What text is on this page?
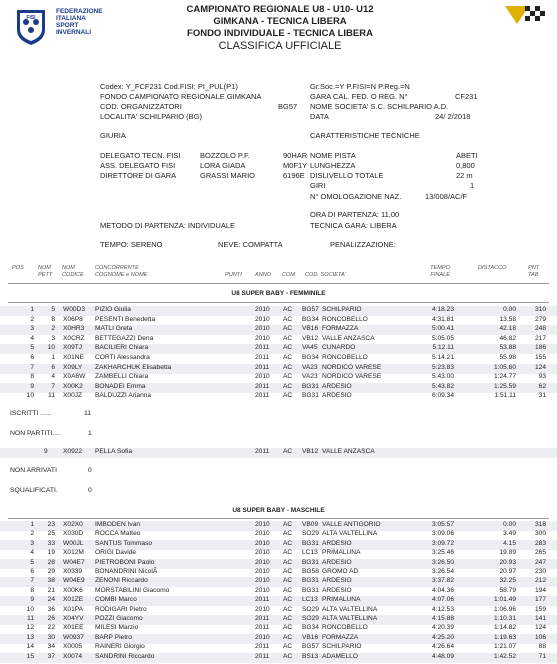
FISI
FEDERAZIONE
ITALIANA
SPORT
INVERNALI
CAMPIONATO REGIONALE U8 - U10- U12
GIMKANA - TECNICA LIBERA
FONDO INDIVIDUALE - TECNICA LIBERA
CLASSIFICA UFFICIALE
Codex: Y_FCF231 Cod.FISI: PI_PUL(P1)	Gr.Soc.=Y P.FISI=N P.Reg.=N
FONDO CAMPIONATO REGIONALE GIMKANA	GARA CAL. FED. O REG. N°	CF231
COD. ORGANIZZATORI	BG57 NOME SOCIETA' S.C. SCHILPARIO A.D.
LOCALITA' SCHILPARIO (BG)	DATA	24/ 2/2018
GIURIA	CARATTERISTICHE TECNICHE
DELEGATO TECN. FISI	BOZZOLO P.F.	90HAR NOME PISTA	ABETI
ASS. DELEGATO FISI	LORA GIADA	M0F1Y LUNGHEZZA	0,800
DIRETTORE DI GARA	GRASSI MARIO	6196E DISLIVELLO TOTALE	22 m
GIRI	1
N° OMOLOGAZIONE NAZ.	13/008/AC/F
ORA DI PARTENZA: 11,00
METODO DI PARTENZA: INDIVIDUALE	TECNICA GARA: LIBERA
TEMPO: SERENO	NEVE: COMPATTA	PENALIZZAZIONE:
POS	NUM
PETT
NUM
CODICE
CONCORRENTE
COGNOME e NOME	PUNTI ANNO COM COD. SOCIETA'
TEMPO
FINALE
DISTACCO	PNT
TAB
U8 SUPER BABY - FEMMINILE
1	5 W00D3	PIZIO Giulia	2010	AC	BG57 SCHILPARIO	4:18.23	0.00	310
2	8 X06P8	PESENTI Benedetta	2010	AC	BG34 RONCOBELLO	4:31.81	13.58	279
3	2 X0HR3	MATLI Greta	2010	AC	VB16 FORMAZZA	5:00.41	42.18	248
4	3 X0CRZ	BETTEGAZZI Dena	2010	AC	VB12 VALLE ANZASCA	5:05.05	46.82	217
5	10 X09TJ	BACILIERI Chiara	2011	AC	VA45 CUNARDO	5:12.11	53.88	186
6	1 X01NE	CORTI Alessandra	2011	AC	BG34 RONCOBELLO	5:14.21	55.98	155
7	6 X09LY	ZAKHARCHUK Elisabetta	2011	AC	VA23 NORDICO VARESE	5:23.83	1:05.60	124
8	4 X0A6W	ZAMBELLI Chiara	2010	AC	VA23 NORDICO VARESE	5:43.00	1:24.77	93
9	7 X00K2	BONADEI Emma	2011	AC	BG31 ARDESIO	5:43.82	1:25.59	62
10	11 X00JZ	BALDUZZI Arianna	2011	AC	BG31 ARDESIO	6:09.34	1:51.11	31
ISCRITTI ......	11
NON PARTITI....	1
9 X0922 PELLA Sofia	2011 AC VB12 VALLE ANZASCA
NON ARRIVATI	0
SQUALIFICATI.	0
U8 SUPER BABY - MASCHILE
1	23 X02X0	IMBODEN Ivan	2010	AC	VB09 VALLE ANTIGORIO	3:05.57	0.00	318
2	25 X030D	ROCCA Matteo	2010	AC	SO29 ALTA VALTELLINA	3:09.06	3.49	300
3	33 W00JL	SANTUS Tommaso	2010	AC	BG31 ARDESIO	3:09.72	4.15	283
4	19 X012M	ORIGI Davide	2010	AC	LC13 PRIMALUNA	3:25.46	19.89	265
5	28 W04E7	PIETROBONI Paolo	2010	AC	BG31 ARDESIO	3:26.50	20.93	247
6	29 X0339	BONANDRINI NicolÃ	2010	AC	BG58 GROMO AD	3:26.54	20.97	230
7	38 W04E9	ZENONI Riccardo	2010	AC	BG31 ARDESIO	3:37.82	32.25	212
8	21 X00K6	MORSTABILINI Giacomo	2010	AC	BG31 ARDESIO	4:04.36	58.79	194
9	24 X01ZE	COMBI Marco	2011	AC	LC13 PRIMALUNA	4:07.06	1:01.49	177
10	36 X01PA	RODIGARI Pietro	2010	AC	SO29 ALTA VALTELLINA	4:12.53	1:06.96	159
11	26 X04YV	POZZI Giacomo	2011	AC	SO29 ALTA VALTELLINA	4:15.88	1:10.31	141
12	22 X01EE	MILESI Marzio	2011	AC	BG34 RONCOBELLO	4:20.39	1:14.82	124
13	30 W0937	BARP Pietro	2010	AC	VB16 FORMAZZA	4:25.20	1:19.63	106
14	34 X0005	RAINERI Giorgio	2011	AC	BG57 SCHILPARIO	4:26.64	1:21.07	88
15	37 X0074	SANDRINI Riccardo	2011	AC	BS13 ADAMELLO	4:48.09	1:42.52	71
